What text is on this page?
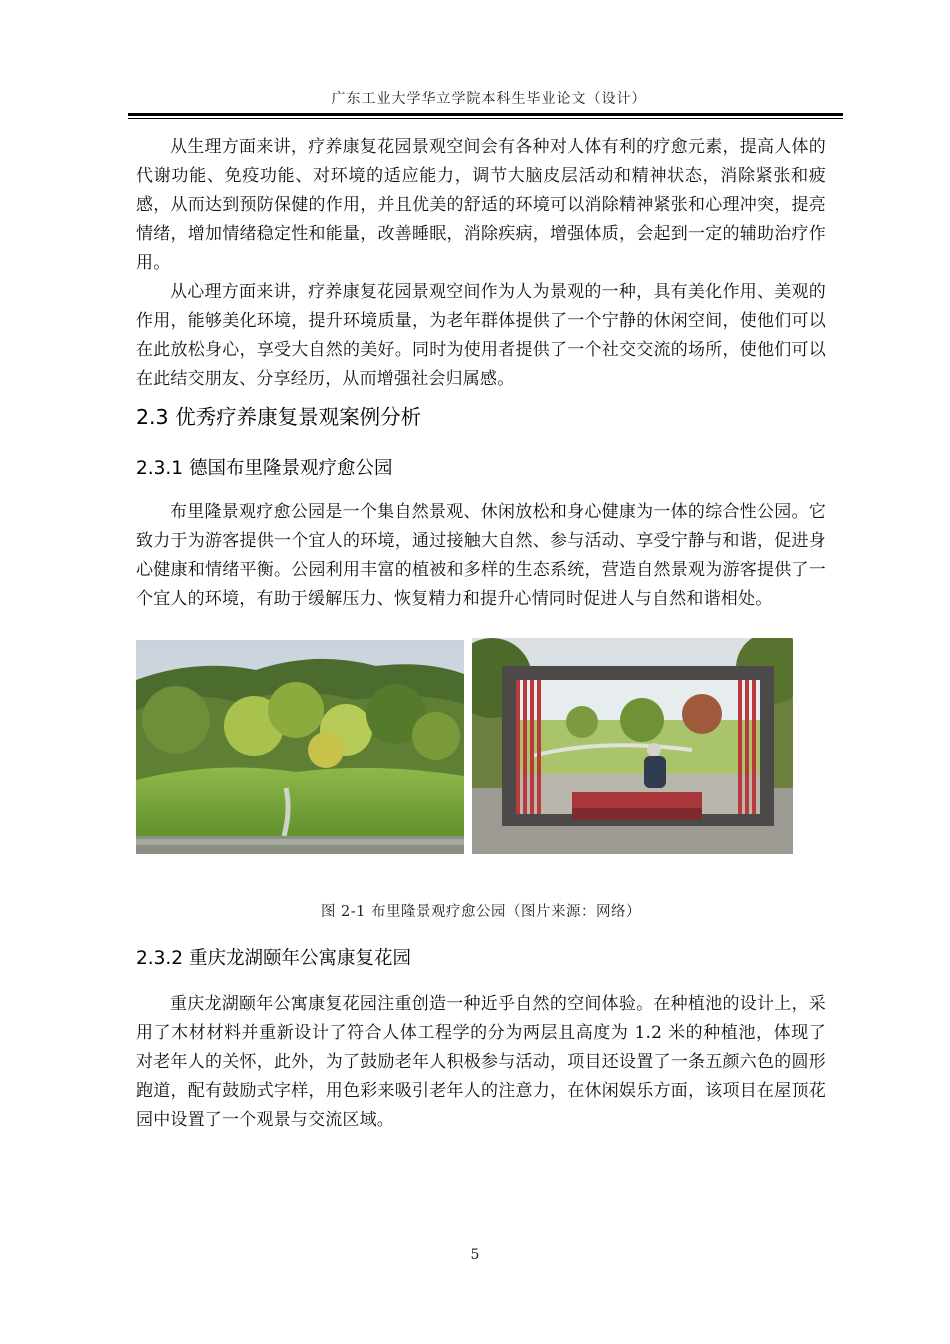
广东工业大学华立学院本科生毕业论文（设计）

从生理方面来讲，疗养康复花园景观空间会有各种对人体有利的疗愈元素，提高人体的代谢功能、免疫功能、对环境的适应能力，调节大脑皮层活动和精神状态，消除紧张和疲感，从而达到预防保健的作用，并且优美的舒适的环境可以消除精神紧张和心理冲突，提亮情绪，增加情绪稳定性和能量，改善睡眠，消除疾病，增强体质，会起到一定的辅助治疗作用。

从心理方面来讲，疗养康复花园景观空间作为人为景观的一种，具有美化作用、美观的作用，能够美化环境，提升环境质量，为老年群体提供了一个宁静的休闲空间，使他们可以在此放松身心，享受大自然的美好。同时为使用者提供了一个社交交流的场所，使他们可以在此结交朋友、分享经历，从而增强社会归属感。

2.3 优秀疗养康复景观案例分析
2.3.1 德国布里隆景观疗愈公园

布里隆景观疗愈公园是一个集自然景观、休闲放松和身心健康为一体的综合性公园。它致力于为游客提供一个宜人的环境，通过接触大自然、参与活动、享受宁静与和谐，促进身心健康和情绪平衡。公园利用丰富的植被和多样的生态系统，营造自然景观为游客提供了一个宜人的环境，有助于缓解压力、恢复精力和提升心情同时促进人与自然和谐相处。

图 2-1 布里隆景观疗愈公园（图片来源：网络）
2.3.2 重庆龙湖颐年公寓康复花园

重庆龙湖颐年公寓康复花园注重创造一种近乎自然的空间体验。在种植池的设计上，采用了木材材料并重新设计了符合人体工程学的分为两层且高度为 1.2 米的种植池，体现了对老年人的关怀，此外，为了鼓励老年人积极参与活动，项目还设置了一条五颜六色的圆形跑道，配有鼓励式字样，用色彩来吸引老年人的注意力，在休闲娱乐方面，该项目在屋顶花园中设置了一个观景与交流区域。

5
